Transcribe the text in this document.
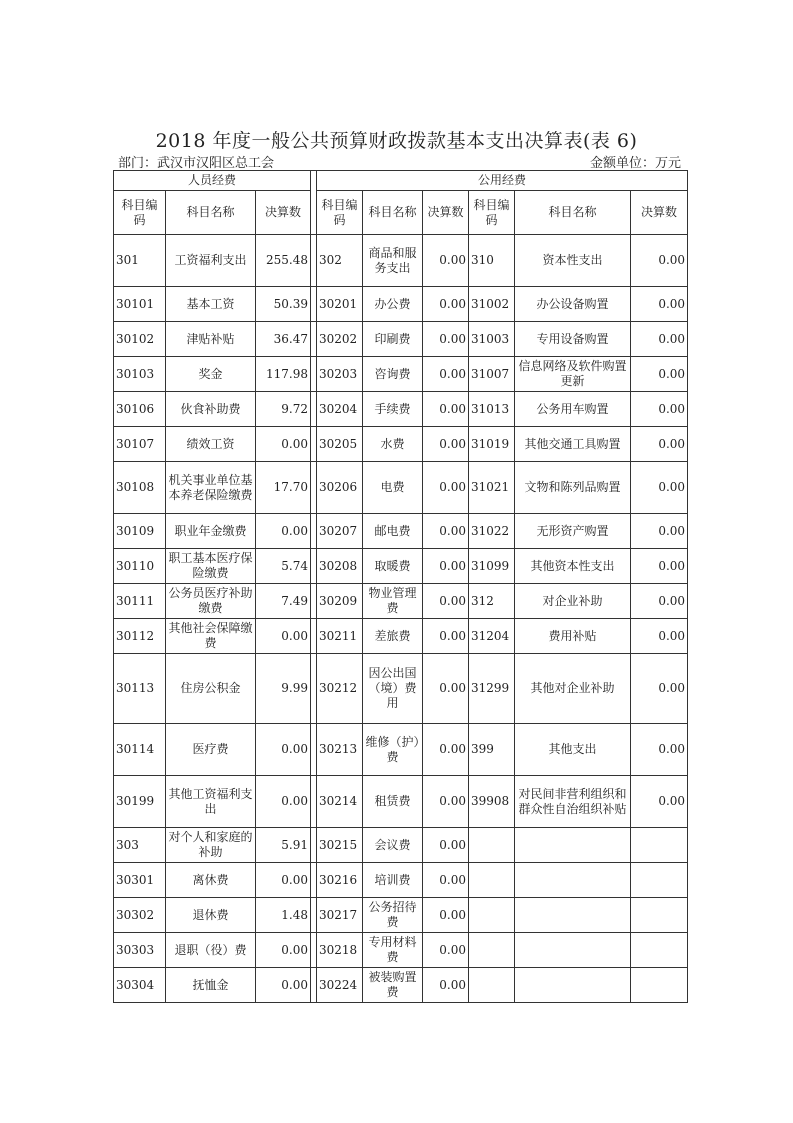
2018 年度一般公共预算财政拨款基本支出决算表(表 6)
部门：武汉市汉阳区总工会	金额单位：万元
人员经费				公用经费					
科目编码	科目名称	决算数		科目编码	科目名称	决算数	科目编码	科目名称	决算数
301	工资福利支出	255.48		302	商品和服务支出	0.00	310	资本性支出	0.00
30101	基本工资	50.39		30201	办公费	0.00	31002	办公设备购置	0.00
30102	津贴补贴	36.47		30202	印刷费	0.00	31003	专用设备购置	0.00
30103	奖金	117.98		30203	咨询费	0.00	31007	信息网络及软件购置更新	0.00
30106	伙食补助费	9.72		30204	手续费	0.00	31013	公务用车购置	0.00
30107	绩效工资	0.00		30205	水费	0.00	31019	其他交通工具购置	0.00
30108	机关事业单位基本养老保险缴费	17.70		30206	电费	0.00	31021	文物和陈列品购置	0.00
30109	职业年金缴费	0.00		30207	邮电费	0.00	31022	无形资产购置	0.00
30110	职工基本医疗保险缴费	5.74		30208	取暖费	0.00	31099	其他资本性支出	0.00
30111	公务员医疗补助缴费	7.49		30209	物业管理费	0.00	312	对企业补助	0.00
30112	其他社会保障缴费	0.00		30211	差旅费	0.00	31204	费用补贴	0.00
30113	住房公积金	9.99		30212	因公出国（境）费用	0.00	31299	其他对企业补助	0.00
30114	医疗费	0.00		30213	维修（护）费	0.00	399	其他支出	0.00
30199	其他工资福利支出	0.00		30214	租赁费	0.00	39908	对民间非营利组织和群众性自治组织补贴	0.00
303	对个人和家庭的补助	5.91		30215	会议费	0.00			
30301	离休费	0.00		30216	培训费	0.00			
30302	退休费	1.48		30217	公务招待费	0.00			
30303	退职（役）费	0.00		30218	专用材料费	0.00			
30304	抚恤金	0.00		30224	被装购置费	0.00			
